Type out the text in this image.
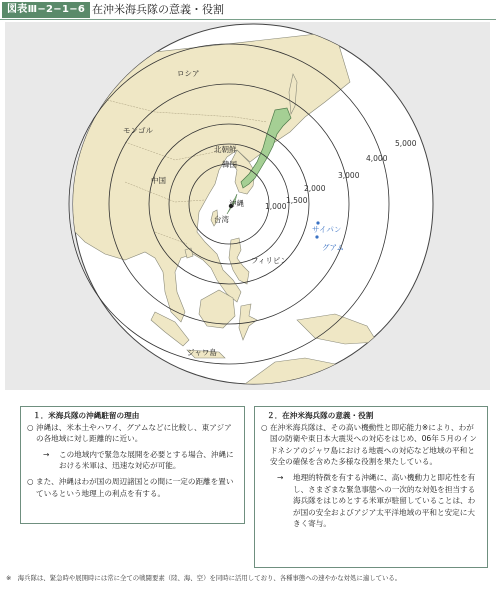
図表Ⅲ−2−1−6 在沖米海兵隊の意義・役割
ロシア
モンゴル
北朝鮮
韓国
中国
沖縄
台湾
フィリピン
サイパン
グアム
ジャワ島
1,000
1,500
2,000
3,000
4,000
5,000
１．米海兵隊の沖縄駐留の理由
○ 沖縄は、米本土やハワイ、グアムなどに比較し、東アジアの各地域に対し距離的に近い。
→	この地域内で緊急な展開を必要とする場合、沖縄における米軍は、迅速な対応が可能。
○ また、沖縄はわが国の周辺諸国との間に一定の距離を置いているという地理上の利点を有する。
２．在沖米海兵隊の意義・役割
○ 在沖米海兵隊は、その高い機動性と即応能力※により、わが国の防衛や東日本大震災への対応をはじめ、06年５月のインドネシアのジャワ島における地震への対応など地域の平和と安全の確保を含めた多様な役割を果たしている。
→	地理的特徴を有する沖縄に、高い機動力と即応性を有し、さまざまな緊急事態への一次的な対処を担当する海兵隊をはじめとする米軍が駐留していることは、わが国の安全およびアジア太平洋地域の平和と安定に大きく寄与。
※　海兵隊は、緊急時や展開時には常に全ての戦闘要素（陸、海、空）を同時に活用しており、各種事態への速やかな対処に適している。
